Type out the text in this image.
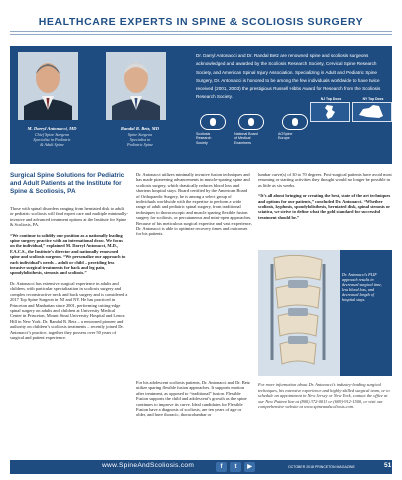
HEALTHCARE EXPERTS IN SPINE & SCOLIOSIS SURGERY
M. Darryl Antonacci, MD
Chief Spine Surgeon
Specialist in Pediatric
& Adult Spine
Randal R. Betz, MD
Spine Surgeon
Specialist in
Pediatric Spine
Dr. Darryl Antonacci and Dr. Randal Betz are renowned spine and scoliosis surgeons acknowledged and awarded by the Scoliosis Research Society, Cervical Spine Research Society, and American Spinal Injury Association. Specializing in Adult and Pediatric Spine Surgery, Dr. Antonacci is honored to be among the few individuals worldwide to have twice received (2001, 2003) the prestigious Russell Hibbs Award for Research from the Scoliosis Research Society.
Scoliosis
Research
Society
National Board
of Medical
Examiners
AOSpine
Europe
NJ Top Docs	NY Top Docs
Surgical Spine Solutions for Pediatric and Adult Patients at the Institute for Spine & Scoliosis, PA

Those with spinal disorders ranging from herniated disk to adult or pediatric scoliosis will find expert care and multiple minimally-invasive and advanced treatment options at the Institute for Spine & Scoliosis, PA.

“We continue to solidify our position as a nationally leading spine surgery practice with an international draw. We focus on the individual,” explained M. Darryl Antonacci, M.D., F.A.C.S., the Institute’s director and nationally renowned spine and scoliosis surgeon. “We personalize our approach to each individual’s needs – adult or child – providing less invasive surgical treatments for back and leg pain, spondylolisthesis, stenosis and scoliosis.”

Dr. Antonacci has extensive surgical experience in adults and children, with particular specialization in scoliosis surgery and complex reconstructive neck and back surgery and is considered a 2017 Top Spine Surgeon in NJ and NY. He has practiced in Princeton and Manhattan since 2001, performing cutting-edge spinal surgery on adults and children at University Medical Center in Princeton, Mount Sinai University Hospital and Lenox Hill in New York. Dr. Randal R. Betz – a renowned pioneer and authority on children’s scoliosis treatments – recently joined Dr. Antonacci’s practice, together they possess over 50 years of surgical and patient experience.

Dr. Antonacci utilizes minimally invasive fusion techniques and has made pioneering advancements in muscle-sparing spine and scoliosis surgery, which drastically reduces blood loss and shortens hospital stays. Board certified by the American Board of Orthopaedic Surgery, he is among a select group of individuals worldwide with the expertise to perform a wide range of adult and pediatric spinal surgery, from traditional techniques to thoracoscopic and muscle sparing flexible fusion surgery for scoliosis, or percutaneous and mini-open approaches. Because of his meticulous surgical expertise and vast experience, Dr. Antonacci is able to optimize recovery times and outcomes for his patients.

For his adolescent scoliosis patients, Dr. Antonacci and Dr. Betz utilize sparing flexible fusion approaches. It supports motion after treatment, as opposed to “traditional” fusion. Flexible Fusion supports the child and adolescent’s growth as the spine continues to improve its curve. Ideal candidates for Flexible Fusion have a diagnosis of scoliosis, are ten years of age or older, and have thoracic, thoracolumbar or

lumbar curve(s) of 30 to 70 degrees. Post-surgical patients have avoid most resuming or starting activities they thought would no longer be possible in as little as six weeks.

“It’s all about bringing or creating the best, state of the art techniques and options for our patients,” concluded Dr. Antonacci. “Whether scoliosis, kyphosis, spondylolisthesis, herniated disk, spinal stenosis or sciatica, we strive to define what the gold standard for successful treatment should be.”

Dr. Antonacci's PLIF approach results in decreased surgical time, less blood loss, and decreased length of hospital stays.
For more information about Dr. Antonacci’s industry-leading surgical techniques, his extensive experience and highly-skilled surgical team, or to schedule an appointment in New Jersey or New York, contact the office at our New Patient line at (800) 372-0011 or (609)-912-1500, or visit our comprehensive website at www.spineandscoliosis.com.
www.SpineAndScoliosis.com	f	t	▶	OCTOBER 2018 PRINCETON MAGAZINE	51
